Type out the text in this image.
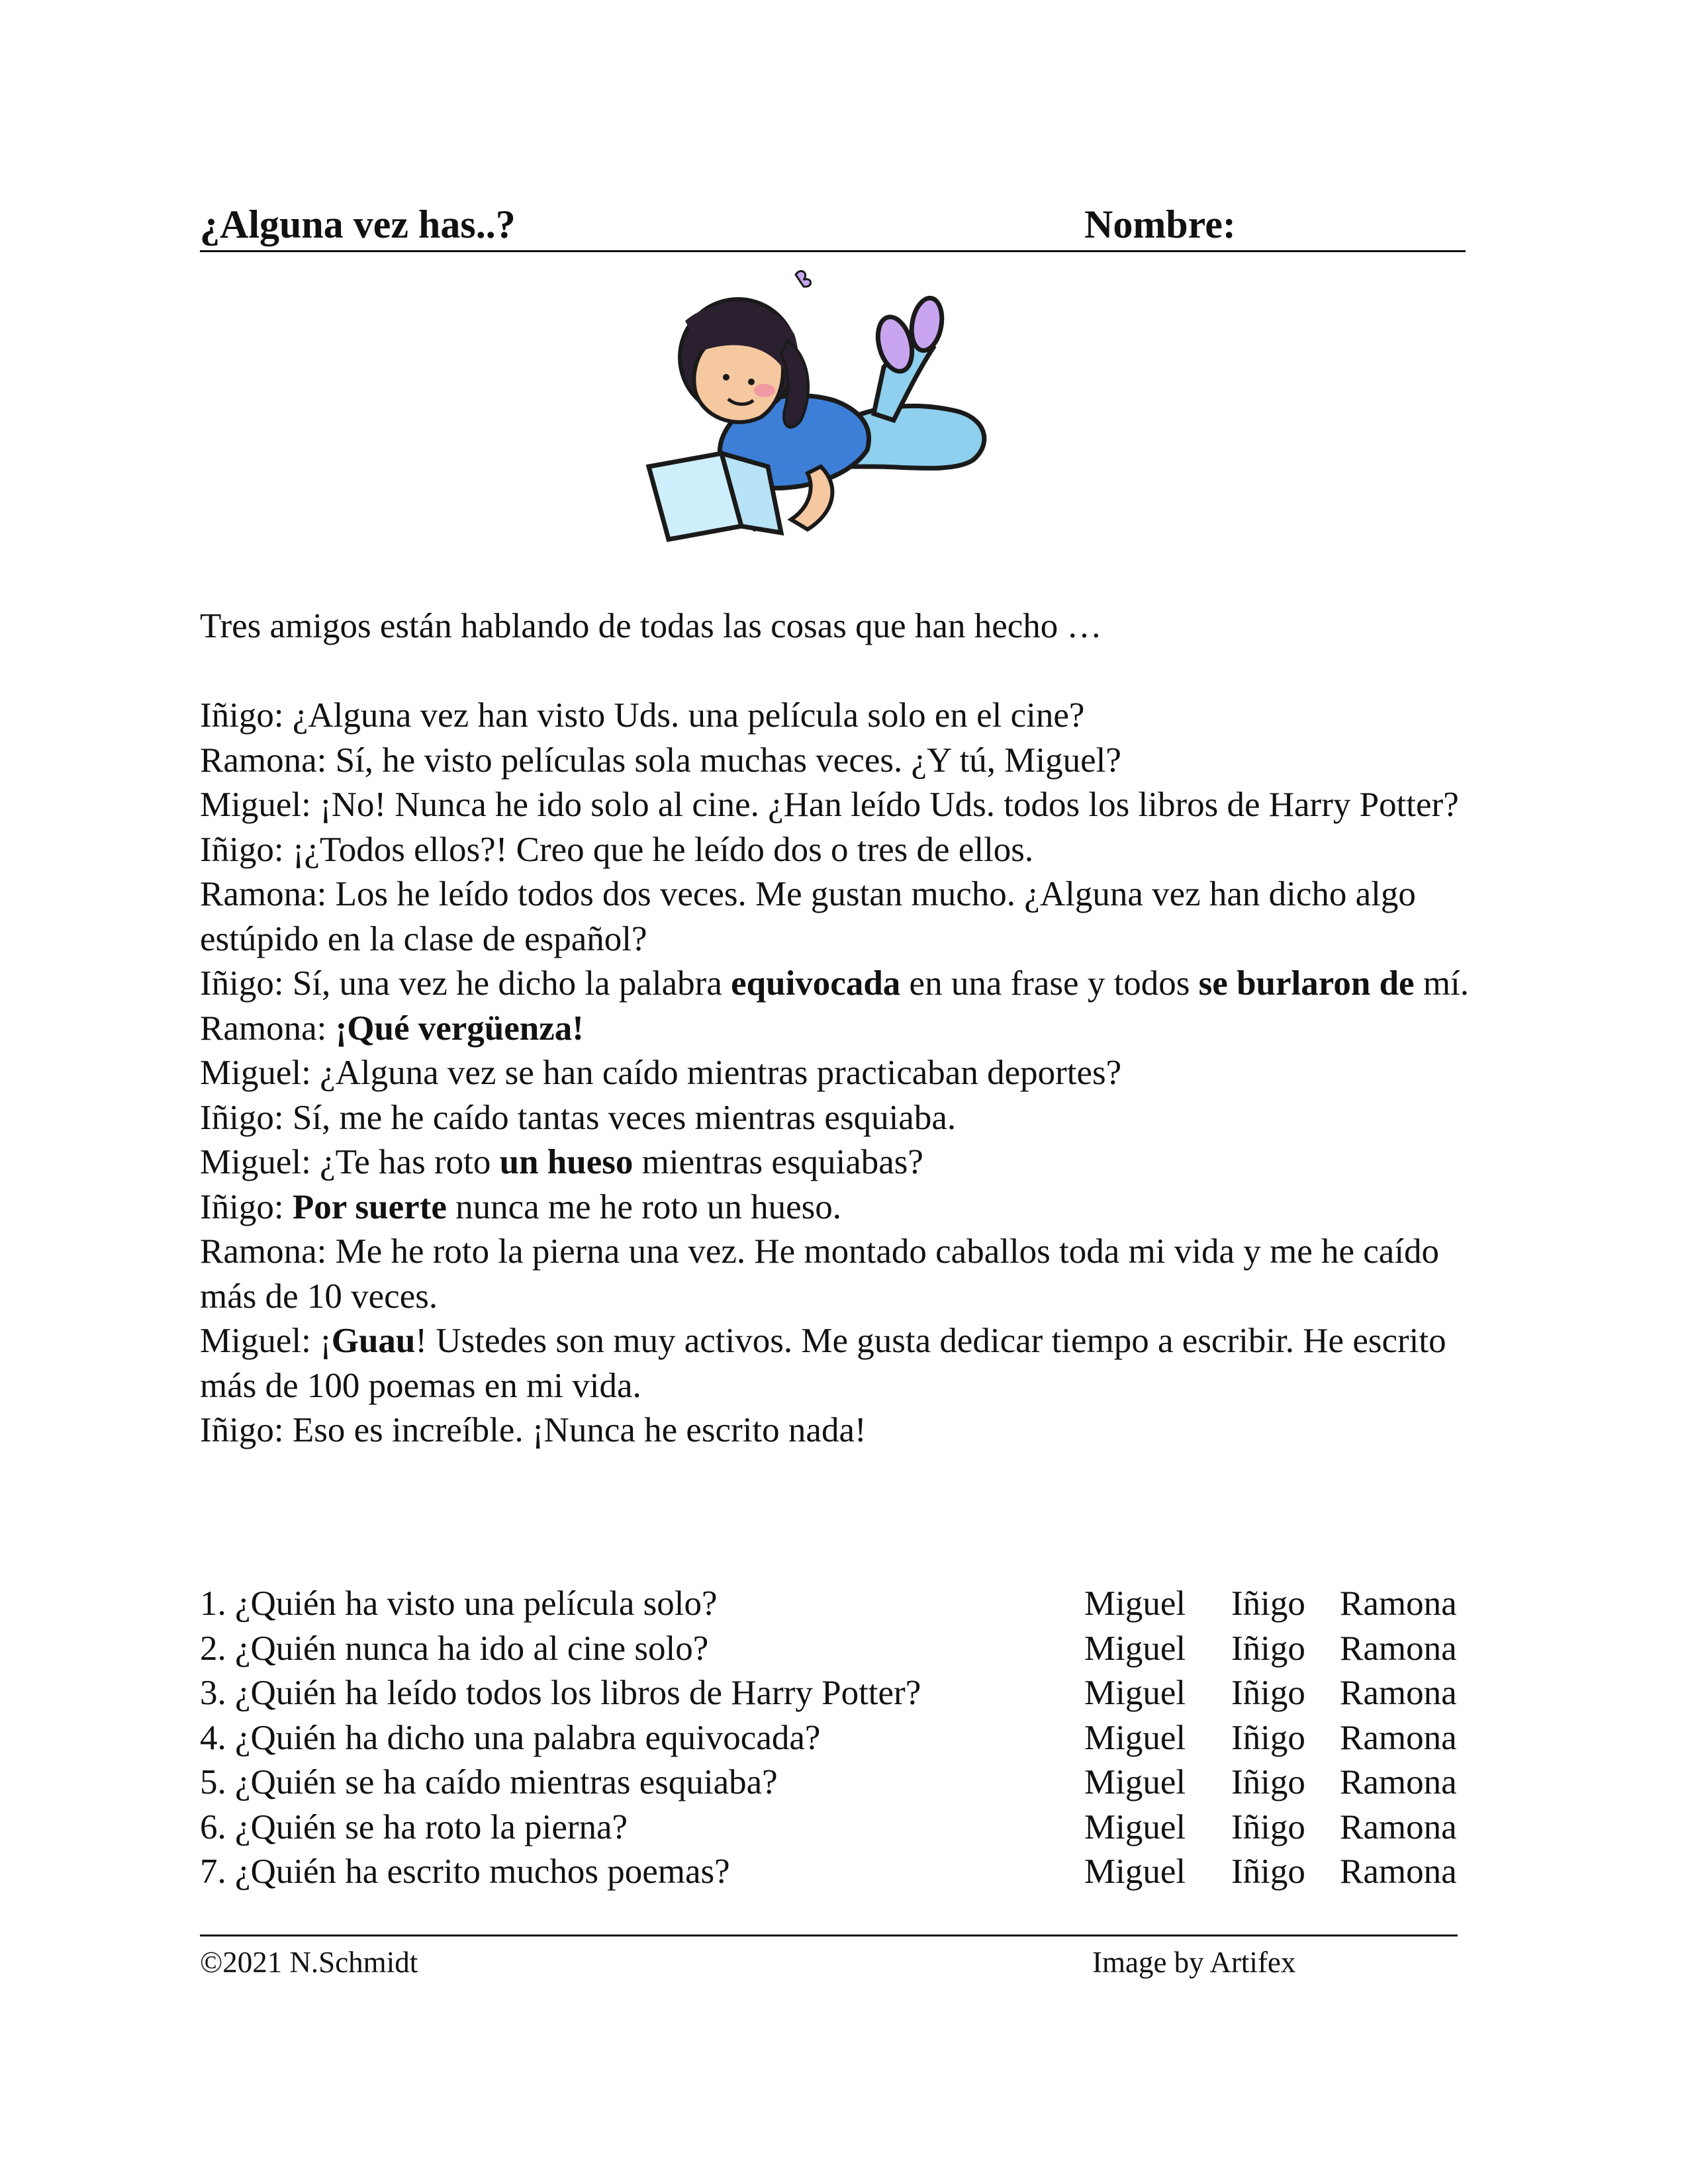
¿Alguna vez has..?	Nombre:
Tres amigos están hablando de todas las cosas que han hecho …
Iñigo: ¿Alguna vez han visto Uds. una película solo en el cine?
Ramona: Sí, he visto películas sola muchas veces. ¿Y tú, Miguel?
Miguel: ¡No! Nunca he ido solo al cine. ¿Han leído Uds. todos los libros de Harry Potter?
Iñigo: ¡¿Todos ellos?! Creo que he leído dos o tres de ellos.
Ramona: Los he leído todos dos veces. Me gustan mucho. ¿Alguna vez han dicho algo estúpido en la clase de español?
Iñigo: Sí, una vez he dicho la palabra equivocada en una frase y todos se burlaron de mí.
Ramona: ¡Qué vergüenza!
Miguel: ¿Alguna vez se han caído mientras practicaban deportes?
Iñigo: Sí, me he caído tantas veces mientras esquiaba.
Miguel: ¿Te has roto un hueso mientras esquiabas?
Iñigo: Por suerte nunca me he roto un hueso.
Ramona: Me he roto la pierna una vez. He montado caballos toda mi vida y me he caído más de 10 veces.
Miguel: ¡Guau! Ustedes son muy activos. Me gusta dedicar tiempo a escribir. He escrito más de 100 poemas en mi vida.
Iñigo: Eso es increíble. ¡Nunca he escrito nada!
1. ¿Quién ha visto una película solo?	Miguel Iñigo Ramona
2. ¿Quién nunca ha ido al cine solo?	Miguel Iñigo Ramona
3. ¿Quién ha leído todos los libros de Harry Potter?	Miguel Iñigo Ramona
4. ¿Quién ha dicho una palabra equivocada?	Miguel Iñigo Ramona
5. ¿Quién se ha caído mientras esquiaba?	Miguel Iñigo Ramona
6. ¿Quién se ha roto la pierna?	Miguel Iñigo Ramona
7. ¿Quién ha escrito muchos poemas?	Miguel Iñigo Ramona
©2021 N.Schmidt	Image by Artifex
